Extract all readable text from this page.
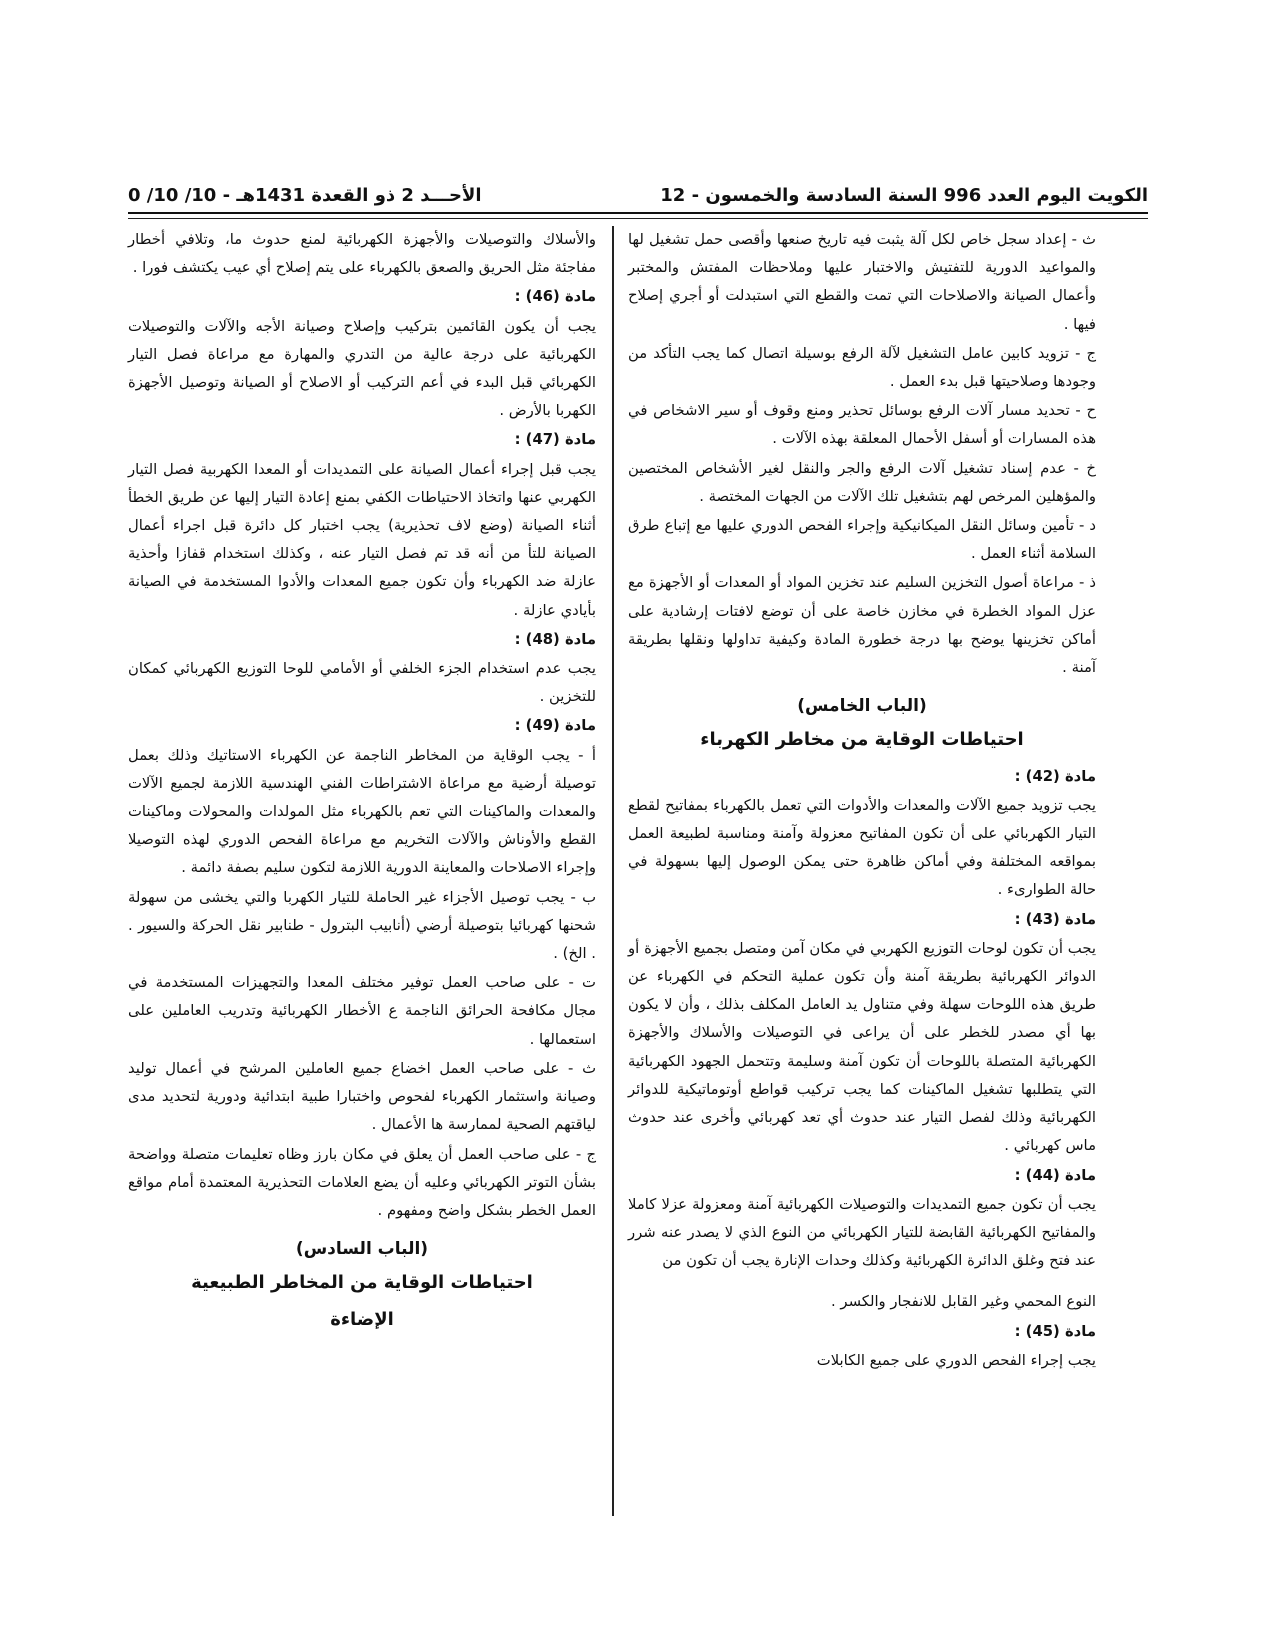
الكويت اليوم العدد 996 السنة السادسة والخمسون - 12
الأحـــد 2 ذو القعدة 1431هـ - 10/ 10/ 0

ث - إعداد سجل خاص لكل آلة يثبت فيه تاريخ صنعها وأقصى حمل تشغيل لها والمواعيد الدورية للتفتيش والاختبار عليها وملاحظات المفتش والمختبر وأعمال الصيانة والاصلاحات التي تمت والقطع التي استبدلت أو أجري إصلاح فيها .

ج - تزويد كابين عامل التشغيل لآلة الرفع بوسيلة اتصال كما يجب التأكد من وجودها وصلاحيتها قبل بدء العمل .

ح - تحديد مسار آلات الرفع بوسائل تحذير ومنع وقوف أو سير الاشخاص في هذه المسارات أو أسفل الأحمال المعلقة بهذه الآلات .

خ - عدم إسناد تشغيل آلات الرفع والجر والنقل لغير الأشخاص المختصين والمؤهلين المرخص لهم بتشغيل تلك الآلات من الجهات المختصة .

د - تأمين وسائل النقل الميكانيكية وإجراء الفحص الدوري عليها مع إتباع طرق السلامة أثناء العمل .

ذ - مراعاة أصول التخزين السليم عند تخزين المواد أو المعدات أو الأجهزة مع عزل المواد الخطرة في مخازن خاصة على أن توضع لافتات إرشادية على أماكن تخزينها يوضح بها درجة خطورة المادة وكيفية تداولها ونقلها بطريقة آمنة .

(الباب الخامس)
احتياطات الوقاية من مخاطر الكهرباء

مادة (42) :

يجب تزويد جميع الآلات والمعدات والأدوات التي تعمل بالكهرباء بمفاتيح لقطع التيار الكهربائي على أن تكون المفاتيح معزولة وآمنة ومناسبة لطبيعة العمل بمواقعه المختلفة وفي أماكن ظاهرة حتى يمكن الوصول إليها بسهولة في حالة الطوارىء .

مادة (43) :

يجب أن تكون لوحات التوزيع الكهربي في مكان آمن ومتصل بجميع الأجهزة أو الدوائر الكهربائية بطريقة آمنة وأن تكون عملية التحكم في الكهرباء عن طريق هذه اللوحات سهلة وفي متناول يد العامل المكلف بذلك ، وأن لا يكون بها أي مصدر للخطر على أن يراعى في التوصيلات والأسلاك والأجهزة الكهربائية المتصلة باللوحات أن تكون آمنة وسليمة وتتحمل الجهود الكهربائية التي يتطلبها تشغيل الماكينات كما يجب تركيب قواطع أوتوماتيكية للدوائر الكهربائية وذلك لفصل التيار عند حدوث أي تعد كهربائي وأخرى عند حدوث ماس كهربائي .

مادة (44) :

يجب أن تكون جميع التمديدات والتوصيلات الكهربائية آمنة ومعزولة عزلا كاملا والمفاتيح الكهربائية القابضة للتيار الكهربائي من النوع الذي لا يصدر عنه شرر عند فتح وغلق الدائرة الكهربائية وكذلك وحدات الإنارة يجب أن تكون من

النوع المحمي وغير القابل للانفجار والكسر .

مادة (45) :

يجب إجراء الفحص الدوري على جميع الكابلات

والأسلاك والتوصيلات والأجهزة الكهربائية لمنع حدوث ما، وتلافي أخطار مفاجئة مثل الحريق والصعق بالكهرباء على يتم إصلاح أي عيب يكتشف فورا .

مادة (46) :

يجب أن يكون القائمين بتركيب وإصلاح وصيانة الأجه والآلات والتوصيلات الكهربائية على درجة عالية من التدري والمهارة مع مراعاة فصل التيار الكهربائي قبل البدء في أعم التركيب أو الاصلاح أو الصيانة وتوصيل الأجهزة الكهربا بالأرض .

مادة (47) :

يجب قبل إجراء أعمال الصيانة على التمديدات أو المعدا الكهربية فصل التيار الكهربي عنها واتخاذ الاحتياطات الكفي بمنع إعادة التيار إليها عن طريق الخطأ أثناء الصيانة (وضع لاف تحذيرية) يجب اختبار كل دائرة قبل اجراء أعمال الصيانة للتأ من أنه قد تم فصل التيار عنه ، وكذلك استخدام قفازا وأحذية عازلة ضد الكهرباء وأن تكون جميع المعدات والأدوا المستخدمة في الصيانة بأيادي عازلة .

مادة (48) :

يجب عدم استخدام الجزء الخلفي أو الأمامي للوحا التوزيع الكهربائي كمكان للتخزين .

مادة (49) :

أ - يجب الوقاية من المخاطر الناجمة عن الكهرباء الاستاتيك وذلك بعمل توصيلة أرضية مع مراعاة الاشتراطات الفني الهندسية اللازمة لجميع الآلات والمعدات والماكينات التي تعم بالكهرباء مثل المولدات والمحولات وماكينات القطع والأوناش والآلات التخريم مع مراعاة الفحص الدوري لهذه التوصيلا وإجراء الاصلاحات والمعاينة الدورية اللازمة لتكون سليم بصفة دائمة .

ب - يجب توصيل الأجزاء غير الحاملة للتيار الكهربا والتي يخشى من سهولة شحنها كهربائيا بتوصيلة أرضي (أنابيب البترول - طنابير نقل الحركة والسيور . . الخ) .

ت - على صاحب العمل توفير مختلف المعدا والتجهيزات المستخدمة في مجال مكافحة الحرائق الناجمة ع الأخطار الكهربائية وتدريب العاملين على استعمالها .

ث - على صاحب العمل اخضاع جميع العاملين المرشح في أعمال توليد وصيانة واستثمار الكهرباء لفحوص واختبارا طبية ابتدائية ودورية لتحديد مدى لياقتهم الصحية لممارسة ها الأعمال .

ج - على صاحب العمل أن يعلق في مكان بارز وظاه تعليمات متصلة وواضحة بشأن التوتر الكهربائي وعليه أن يضع العلامات التحذيرية المعتمدة أمام مواقع العمل الخطر بشكل واضح ومفهوم .

(الباب السادس)
احتياطات الوقاية من المخاطر الطبيعية
الإضاءة
